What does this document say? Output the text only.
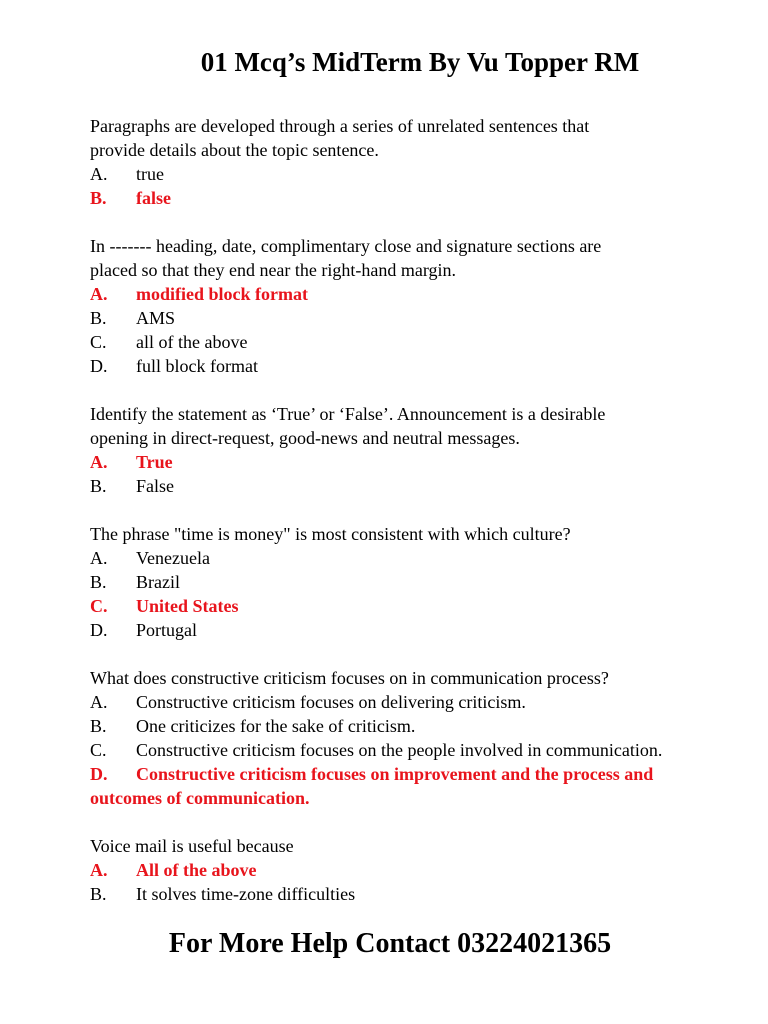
01 Mcq’s MidTerm By Vu Topper RM
Paragraphs are developed through a series of unrelated sentences that
provide details about the topic sentence.
A.	true
B.	false
In ------- heading, date, complimentary close and signature sections are
placed so that they end near the right-hand margin.
A.	modified block format
B.	AMS
C.	all of the above
D.	full block format
Identify the statement as ‘True’ or ‘False’. Announcement is a desirable
opening in direct-request, good-news and neutral messages.
A.	True
B.	False
The phrase "time is money" is most consistent with which culture?
A.	Venezuela
B.	Brazil
C.	United States
D.	Portugal
What does constructive criticism focuses on in communication process?
A.	Constructive criticism focuses on delivering criticism.
B.	One criticizes for the sake of criticism.
C. Constructive criticism focuses on the people involved in communication.
D. Constructive criticism focuses on improvement and the process and outcomes of communication.
Voice mail is useful because
A.	All of the above
B.	It solves time-zone difficulties
For More Help Contact 03224021365
